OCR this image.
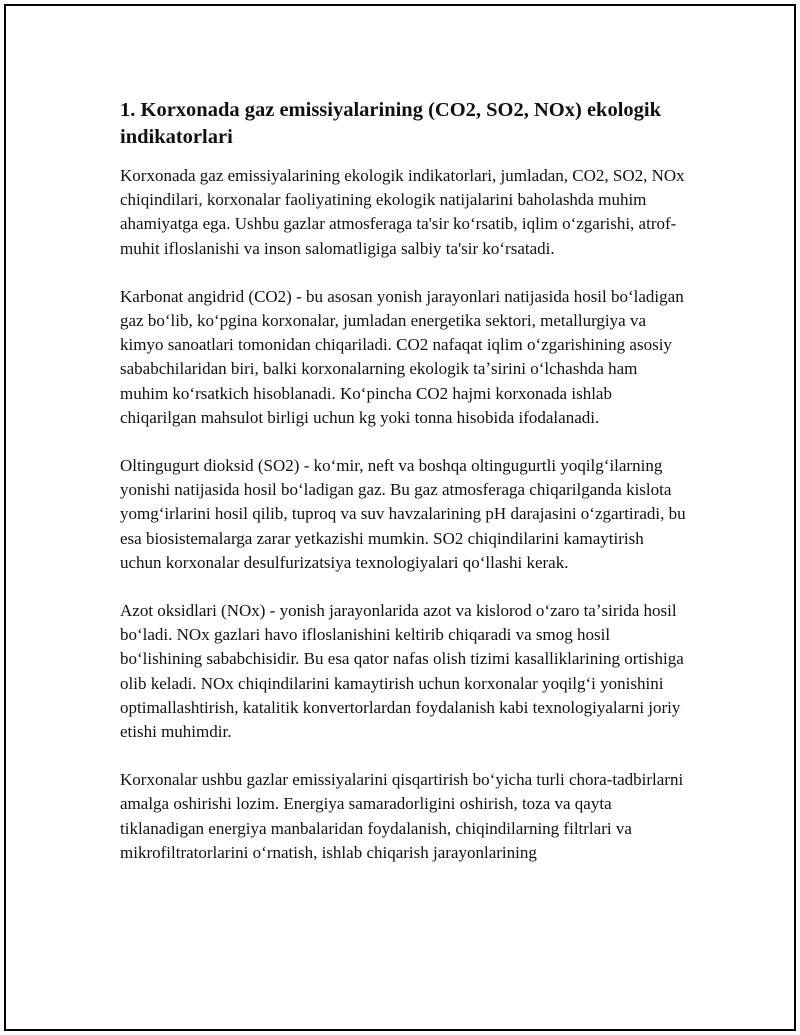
1. Korxonada gaz emissiyalarining (CO2, SO2, NOx) ekologik indikatorlari

Korxonada gaz emissiyalarining ekologik indikatorlari, jumladan, CO2, SO2, NOx chiqindilari, korxonalar faoliyatining ekologik natijalarini baholashda muhim ahamiyatga ega. Ushbu gazlar atmosferaga ta'sir koʻrsatib, iqlim oʻzgarishi, atrof-muhit ifloslanishi va inson salomatligiga salbiy ta'sir koʻrsatadi.

Karbonat angidrid (CO2) - bu asosan yonish jarayonlari natijasida hosil boʻladigan gaz boʻlib, koʻpgina korxonalar, jumladan energetika sektori, metallurgiya va kimyo sanoatlari tomonidan chiqariladi. CO2 nafaqat iqlim oʻzgarishining asosiy sababchilaridan biri, balki korxonalarning ekologik taʼsirini oʻlchashda ham muhim koʻrsatkich hisoblanadi. Koʻpincha CO2 hajmi korxonada ishlab chiqarilgan mahsulot birligi uchun kg yoki tonna hisobida ifodalanadi.

Oltingugurt dioksid (SO2) - koʻmir, neft va boshqa oltingugurtli yoqilgʻilarning yonishi natijasida hosil boʻladigan gaz. Bu gaz atmosferaga chiqarilganda kislota yomgʻirlarini hosil qilib, tuproq va suv havzalarining pH darajasini oʻzgartiradi, bu esa biosistemalarga zarar yetkazishi mumkin. SO2 chiqindilarini kamaytirish uchun korxonalar desulfurizatsiya texnologiyalari qoʻllashi kerak.

Azot oksidlari (NOx) - yonish jarayonlarida azot va kislorod oʻzaro taʼsirida hosil boʻladi. NOx gazlari havo ifloslanishini keltirib chiqaradi va smog hosil boʻlishining sababchisidir. Bu esa qator nafas olish tizimi kasalliklarining ortishiga olib keladi. NOx chiqindilarini kamaytirish uchun korxonalar yoqilgʻi yonishini optimallashtirish, katalitik konvertorlardan foydalanish kabi texnologiyalarni joriy etishi muhimdir.

Korxonalar ushbu gazlar emissiyalarini qisqartirish boʻyicha turli chora-tadbirlarni amalga oshirishi lozim. Energiya samaradorligini oshirish, toza va qayta tiklanadigan energiya manbalaridan foydalanish, chiqindilarning filtrlari va mikrofiltratorlarini oʻrnatish, ishlab chiqarish jarayonlarining
